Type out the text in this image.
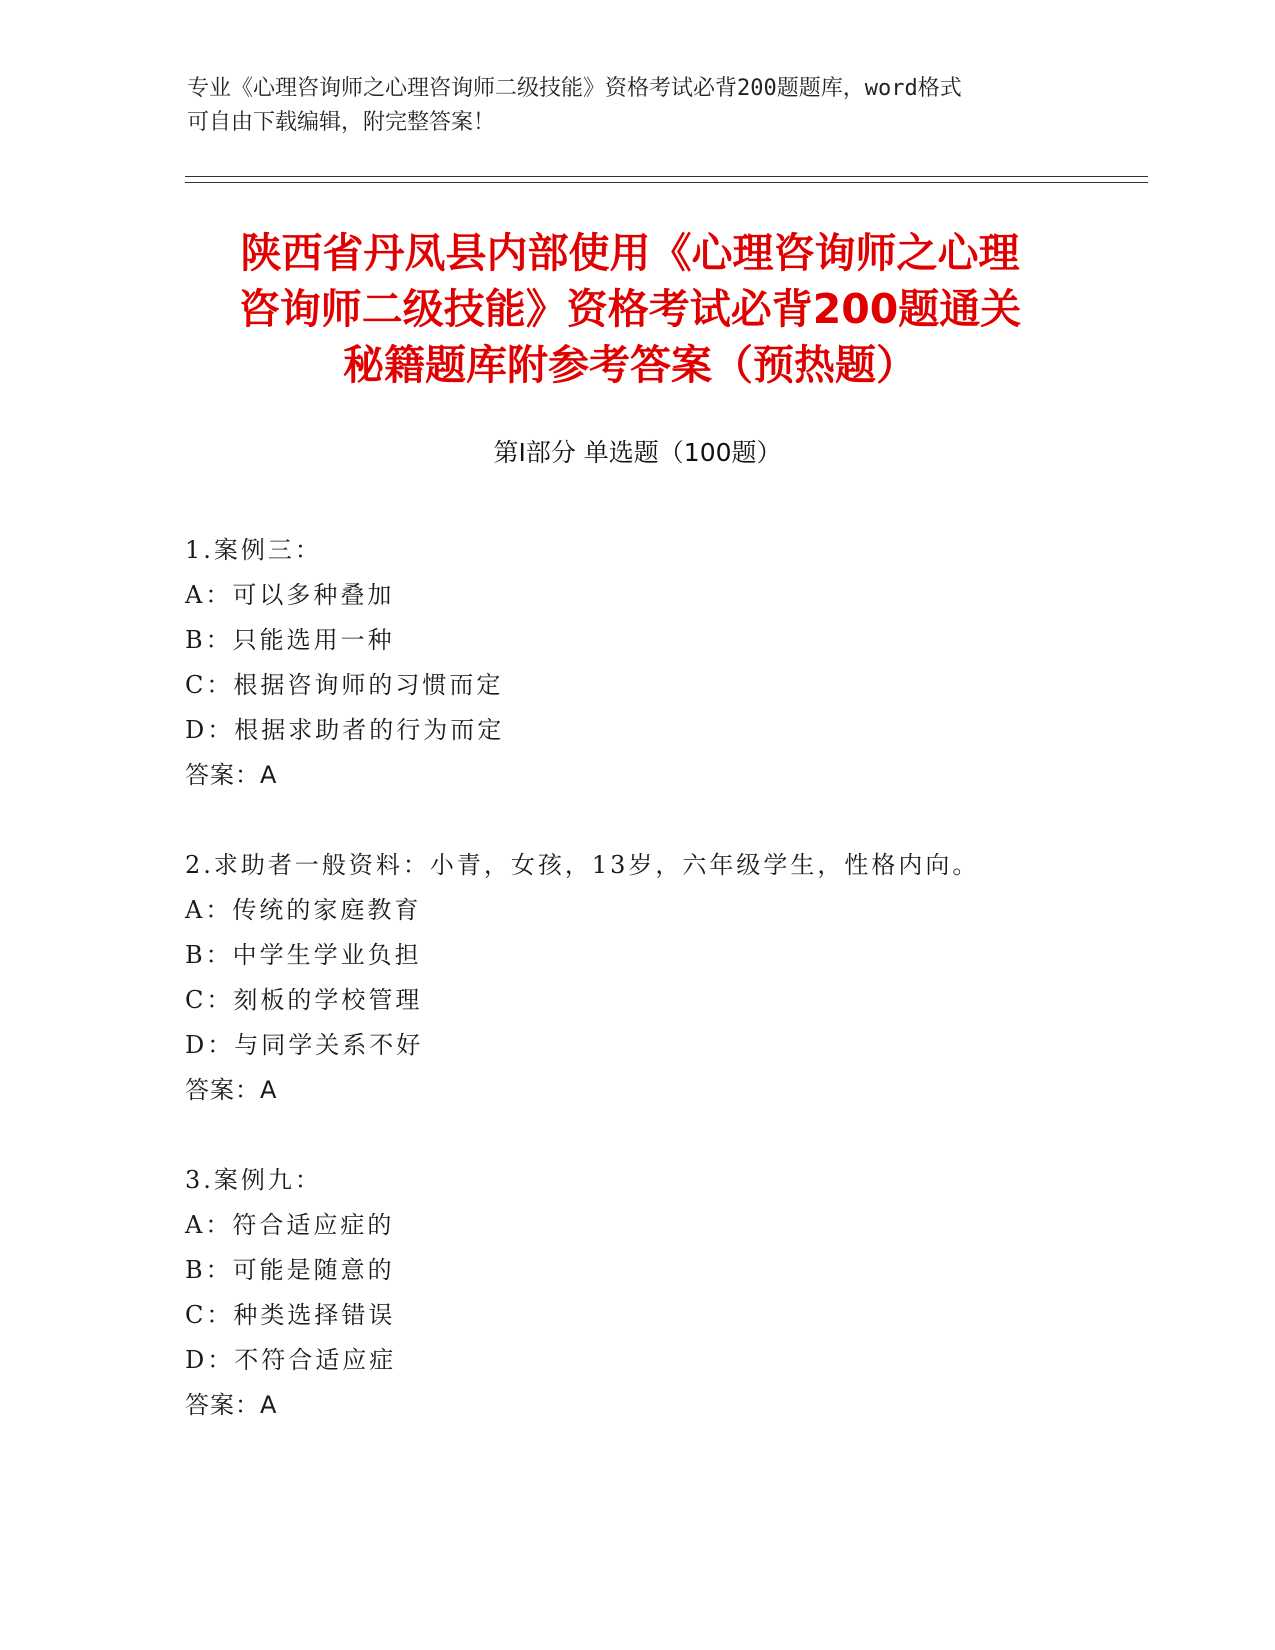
专业《心理咨询师之心理咨询师二级技能》资格考试必背200题题库，word格式
可自由下载编辑，附完整答案！
陕西省丹凤县内部使用《心理咨询师之心理
咨询师二级技能》资格考试必背200题通关
秘籍题库附参考答案（预热题）
第Ⅰ部分 单选题（100题）
1.案例三：
A：可以多种叠加
B：只能选用一种
C：根据咨询师的习惯而定
D：根据求助者的行为而定
答案：A
2.求助者一般资料：小青，女孩，13岁，六年级学生，性格内向。
A：传统的家庭教育
B：中学生学业负担
C：刻板的学校管理
D：与同学关系不好
答案：A
3.案例九：
A：符合适应症的
B：可能是随意的
C：种类选择错误
D：不符合适应症
答案：A
